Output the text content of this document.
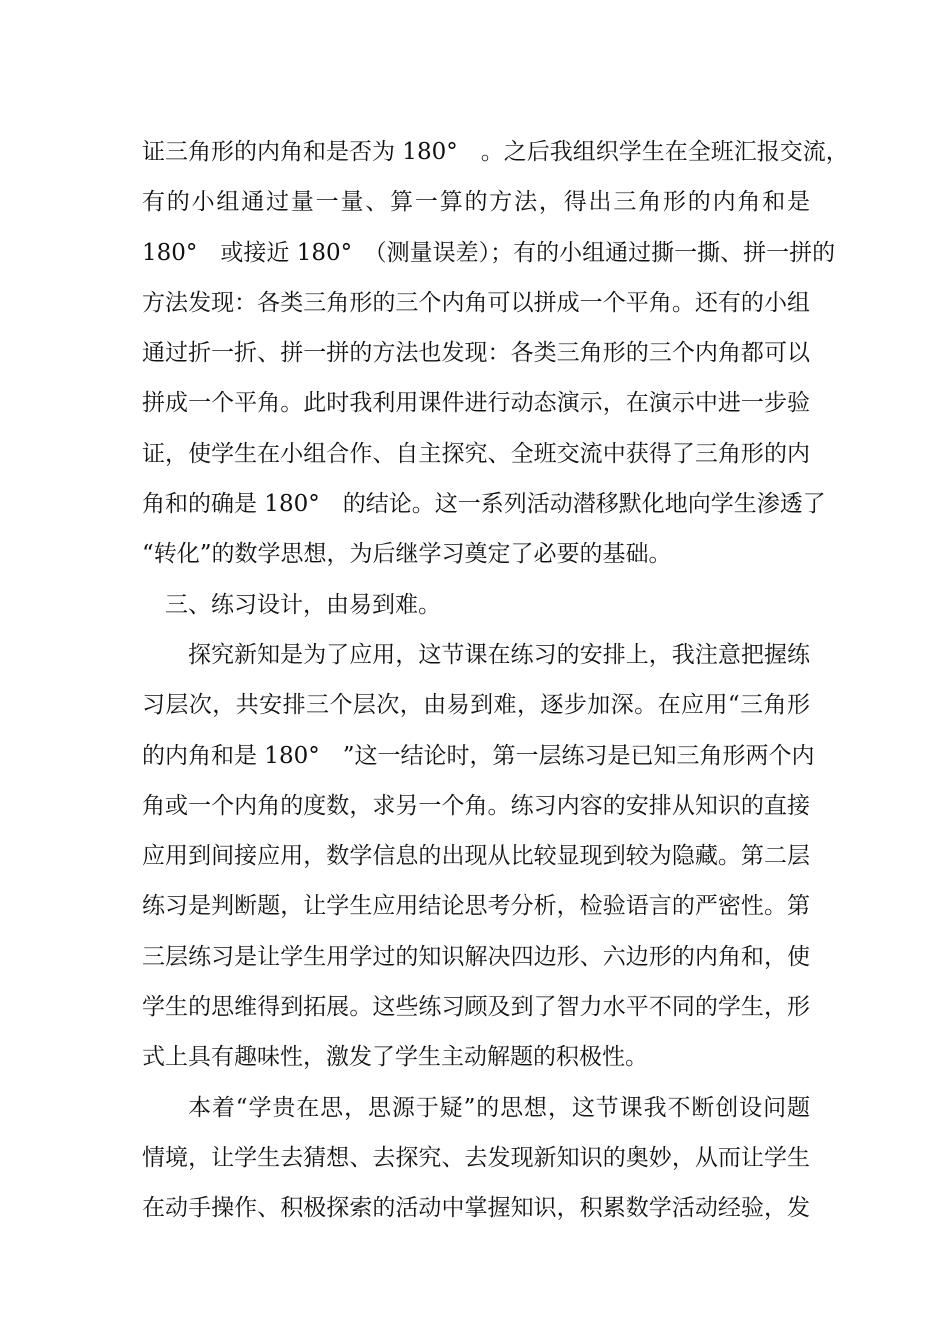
证三角形的内角和是否为 180°　。之后我组织学生在全班汇报交流，
有的小组通过量一量、算一算的方法，得出三角形的内角和是
180°　或接近 180°　（测量误差）；有的小组通过撕一撕、拼一拼的
方法发现：各类三角形的三个内角可以拼成一个平角。还有的小组
通过折一折、拼一拼的方法也发现：各类三角形的三个内角都可以
拼成一个平角。此时我利用课件进行动态演示，在演示中进一步验
证，使学生在小组合作、自主探究、全班交流中获得了三角形的内
角和的确是 180°　的结论。这一系列活动潜移默化地向学生渗透了
“转化”的数学思想，为后继学习奠定了必要的基础。
三、练习设计，由易到难。
探究新知是为了应用，这节课在练习的安排上，我注意把握练
习层次，共安排三个层次，由易到难，逐步加深。在应用“三角形
的内角和是 180°　”这一结论时，第一层练习是已知三角形两个内
角或一个内角的度数，求另一个角。练习内容的安排从知识的直接
应用到间接应用，数学信息的出现从比较显现到较为隐藏。第二层
练习是判断题，让学生应用结论思考分析，检验语言的严密性。第
三层练习是让学生用学过的知识解决四边形、六边形的内角和，使
学生的思维得到拓展。这些练习顾及到了智力水平不同的学生，形
式上具有趣味性，激发了学生主动解题的积极性。
本着“学贵在思，思源于疑”的思想，这节课我不断创设问题
情境，让学生去猜想、去探究、去发现新知识的奥妙，从而让学生
在动手操作、积极探索的活动中掌握知识，积累数学活动经验，发
